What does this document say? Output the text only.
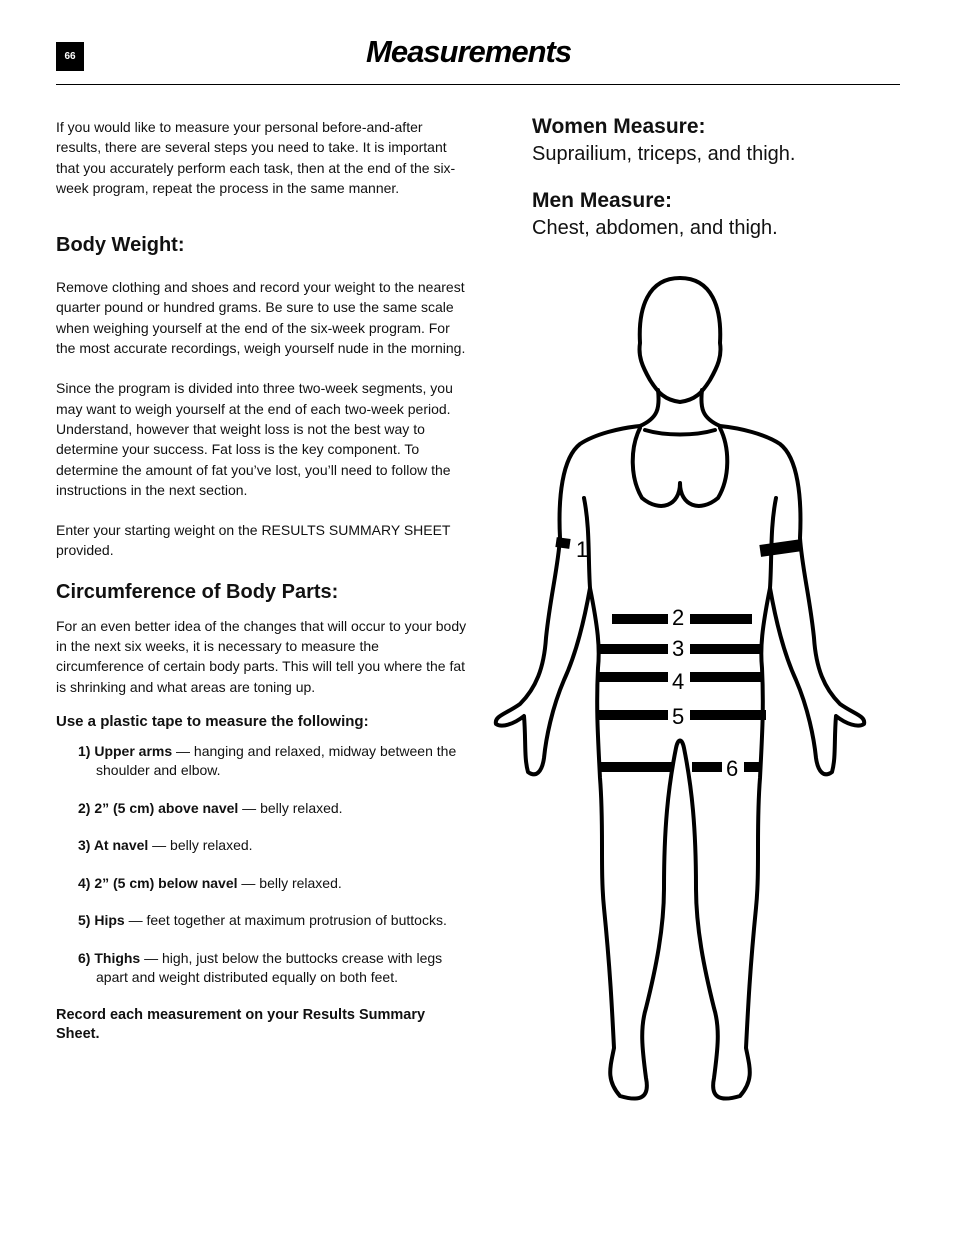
66	Measurements

If you would like to measure your personal before-and-after results, there are several steps you need to take. It is important that you accurately perform each task, then at the end of the six-week program, repeat the process in the same manner.

Body Weight:

Remove clothing and shoes and record your weight to the nearest quarter pound or hundred grams. Be sure to use the same scale when weighing yourself at the end of the six-week program. For the most accurate recordings, weigh yourself nude in the morning.

Since the program is divided into three two-week segments, you may want to weigh yourself at the end of each two-week period. Understand, however that weight loss is not the best way to determine your success. Fat loss is the key component. To determine the amount of fat you’ve lost, you’ll need to follow the instructions in the next section.

Enter your starting weight on the RESULTS SUMMARY SHEET provided.

Circumference of Body Parts:

For an even better idea of the changes that will occur to your body in the next six weeks, it is necessary to measure the circumference of certain body parts. This will tell you where the fat is shrinking and what areas are toning up.

Use a plastic tape to measure the following:

1) Upper arms — hanging and relaxed, midway between the shoulder and elbow.
2) 2” (5 cm) above navel — belly relaxed.
3) At navel — belly relaxed.
4) 2” (5 cm) below navel — belly relaxed.
5) Hips — feet together at maximum protrusion of buttocks.
6) Thighs — high, just below the buttocks crease with legs apart and weight distributed equally on both feet.

Record each measurement on your Results Summary Sheet.

Women Measure:

Suprailium, triceps, and thigh.

Men Measure:

Chest, abdomen, and thigh.

1
2
3
4
5
6
